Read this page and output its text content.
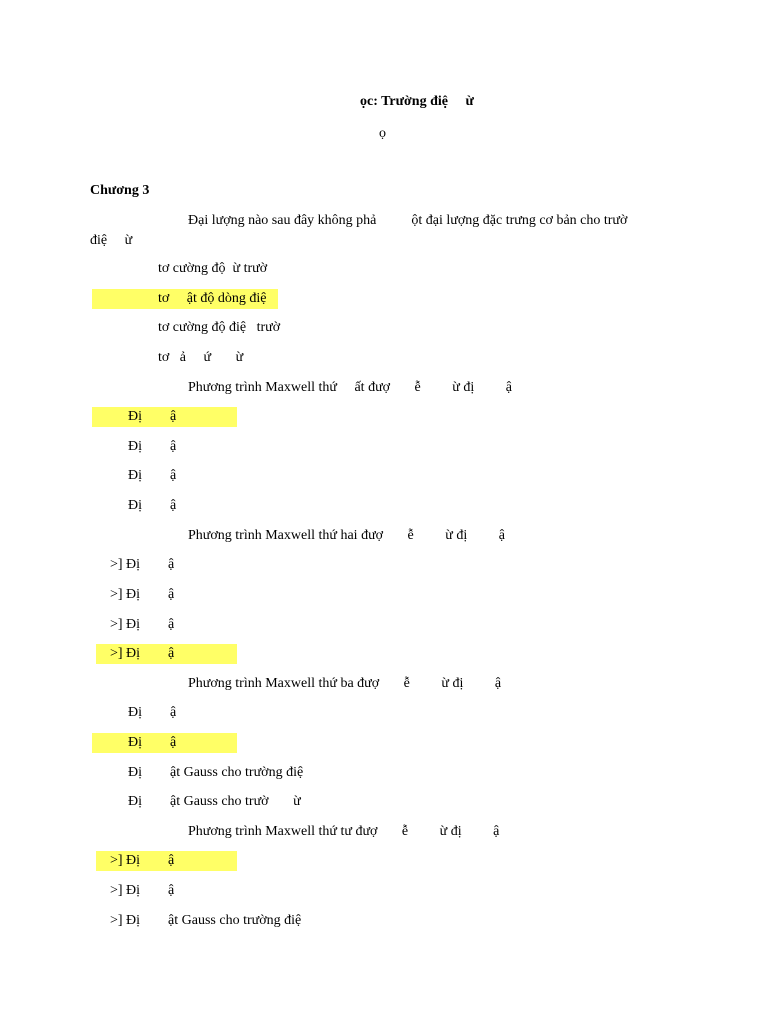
ọc: Trường điệ     ừ
ọ
Chương 3
Đại lượng nào sau đây không phả          ột đại lượng đặc trưng cơ bản cho trườ
điệ     ừ
tơ cường độ  ừ trườ
tơ     ật độ dòng điệ
tơ cường độ điệ   trườ
tơ   ả     ứ       ừ
Phương trình Maxwell thứ     ất đượ       ễ         ừ đị         ậ
Đị        ậ
Đị        ậ
Đị        ậ
Đị        ậ
Phương trình Maxwell thứ hai đượ       ễ         ừ đị         ậ
>] Đị        ậ
>] Đị        ậ
>] Đị        ậ
>] Đị        ậ
Phương trình Maxwell thứ ba đượ       ễ         ừ đị         ậ
Đị        ậ
Đị        ậ
Đị        ật Gauss cho trường điệ
Đị        ật Gauss cho trườ       ừ
Phương trình Maxwell thứ tư đượ       ễ         ừ đị         ậ
>] Đị        ậ
>] Đị        ậ
>] Đị        ật Gauss cho trường điệ
